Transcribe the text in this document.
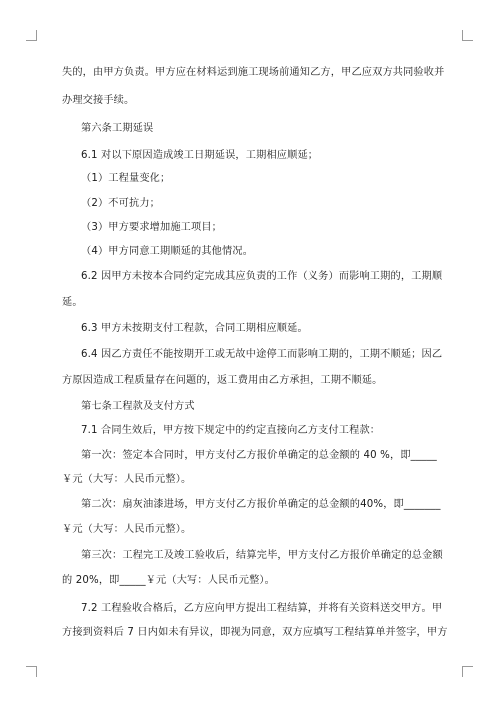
失的，由甲方负责。甲方应在材料运到施工现场前通知乙方，甲乙应双方共同验收并
办理交接手续。
第六条工期延误
6.1 对以下原因造成竣工日期延误，工期相应顺延；
（1）工程量变化；
（2）不可抗力；
（3）甲方要求增加施工项目；
（4）甲方同意工期顺延的其他情况。
6.2 因甲方未按本合同约定完成其应负责的工作（义务）而影响工期的，工期顺
延。
6.3 甲方未按期支付工程款，合同工期相应顺延。
6.4 因乙方责任不能按期开工或无故中途停工而影响工期的，工期不顺延；因乙
方原因造成工程质量存在问题的，返工费用由乙方承担，工期不顺延。
第七条工程款及支付方式
7.1 合同生效后，甲方按下规定中的约定直接向乙方支付工程款：
第一次：签定本合同时，甲方支付乙方报价单确定的总金额的 40 %，即_____
￥元（大写：人民币元整）。
第二次：扇灰油漆进场，甲方支付乙方报价单确定的总金额的40%，即_______
￥元（大写：人民币元整）。
第三次：工程完工及竣工验收后，结算完毕，甲方支付乙方报价单确定的总金额
的 20%，即_____￥元（大写：人民币元整）。
7.2 工程验收合格后，乙方应向甲方提出工程结算，并将有关资料送交甲方。甲
方接到资料后 7 日内如未有异议，即视为同意，双方应填写工程结算单并签字，甲方
